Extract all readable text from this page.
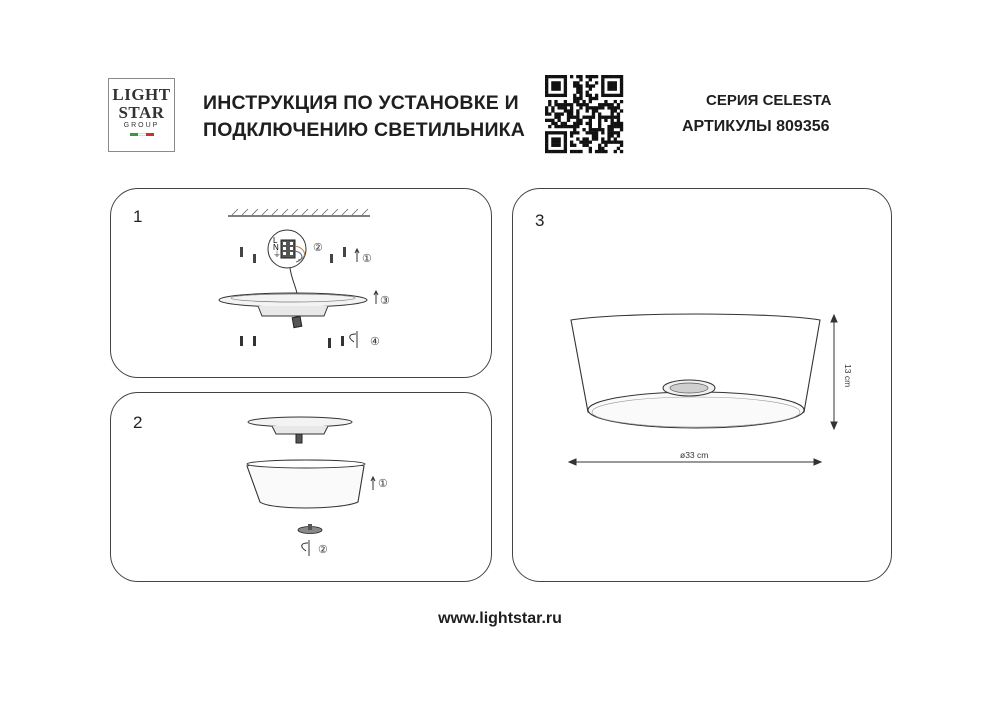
LIGHT
STAR
GROUP
ИНСТРУКЦИЯ ПО УСТАНОВКЕ И
ПОДКЛЮЧЕНИЮ СВЕТИЛЬНИКА
СЕРИЯ CELESTA
АРТИКУЛЫ 809356
1
L
N
⏚
②
①
③
④
2
①
②
3
13 cm
ø33 cm
www.lightstar.ru
